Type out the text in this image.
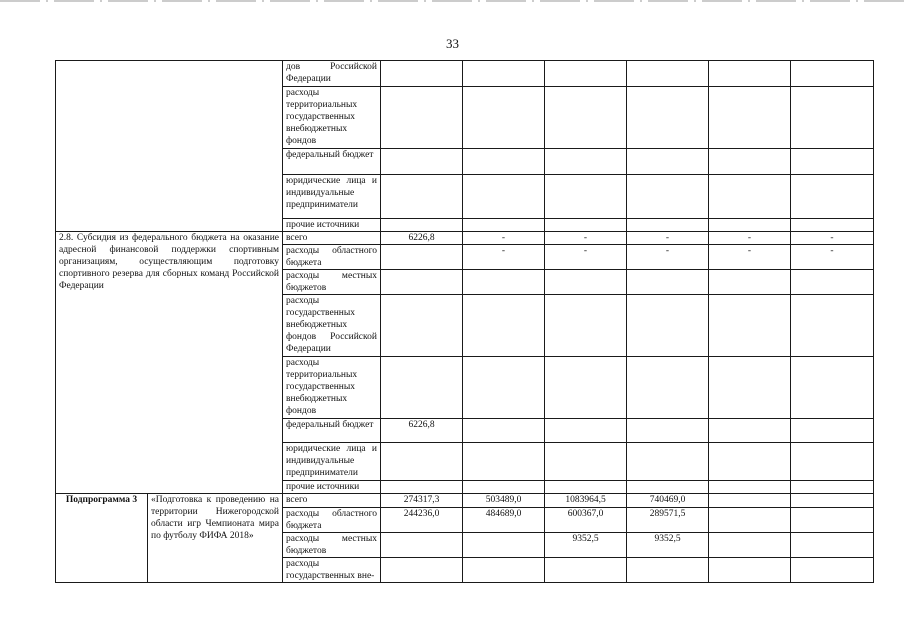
33
		дов Российской Федерации						
		расходы территориальных государственных внебюджетных фондов						
		федеральный бюджет						
		юридические лица и индивидуальные предприниматели						
		прочие источники						
2.8. Субсидия из федерального бюджета на оказание адресной финансовой поддержки спортивным организациям, осуществляющим подготовку спортивного резерва для сборных команд Российской Федерации		всего	6226,8	-	-	-	-	-
		расходы областного бюджета		-	-	-	-	-
		расходы местных бюджетов						
		расходы государственных внебюджетных фондов Российской Федерации						
		расходы территориальных государственных внебюджетных фондов						
		федеральный бюджет	6226,8					
		юридические лица и индивидуальные предприниматели						
		прочие источники						
Подпрограмма 3	«Подготовка к проведению на территории Нижегородской области игр Чемпионата мира по футболу ФИФА 2018»	всего	274317,3	503489,0	1083964,5	740469,0		
		расходы областного бюджета	244236,0	484689,0	600367,0	289571,5		
		расходы местных бюджетов			9352,5	9352,5		
		расходы государственных вне-						
